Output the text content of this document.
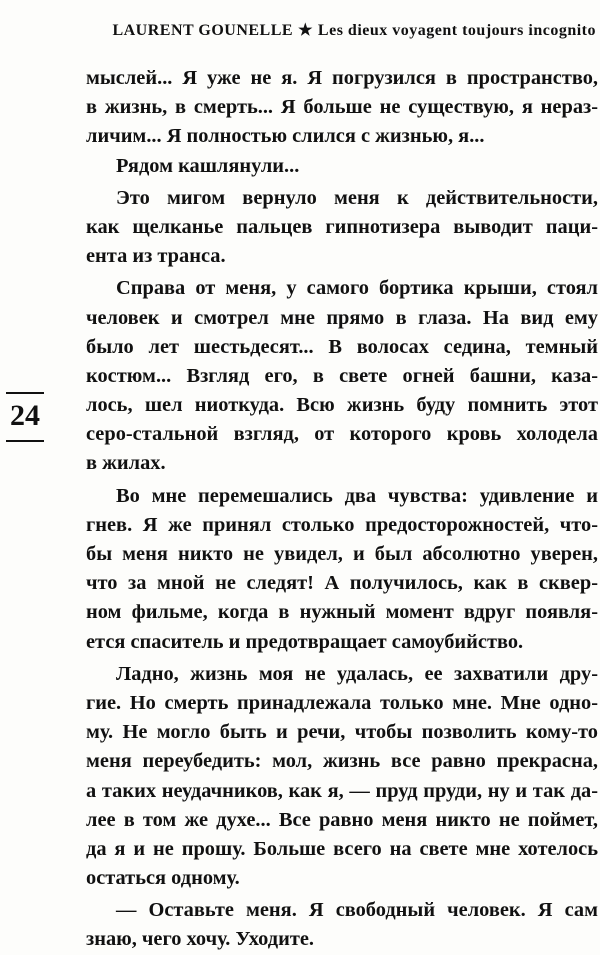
LAURENT GOUNELLE ★ Les dieux voyagent toujours incognito
24
мыслей... Я уже не я. Я погрузился в пространство,
в жизнь, в смерть... Я больше не существую, я нераз-
личим... Я полностью слился с жизнью, я...
Рядом кашлянули...
Это мигом вернуло меня к действительности,
как щелканье пальцев гипнотизера выводит паци-
ента из транса.
Справа от меня, у самого бортика крыши, стоял
человек и смотрел мне прямо в глаза. На вид ему
было лет шестьдесят... В волосах седина, темный
костюм... Взгляд его, в свете огней башни, каза-
лось, шел ниоткуда. Всю жизнь буду помнить этот
серо-стальной взгляд, от которого кровь холодела
в жилах.
Во мне перемешались два чувства: удивление и
гнев. Я же принял столько предосторожностей, что-
бы меня никто не увидел, и был абсолютно уверен,
что за мной не следят! А получилось, как в сквер-
ном фильме, когда в нужный момент вдруг появля-
ется спаситель и предотвращает самоубийство.
Ладно, жизнь моя не удалась, ее захватили дру-
гие. Но смерть принадлежала только мне. Мне одно-
му. Не могло быть и речи, чтобы позволить кому-то
меня переубедить: мол, жизнь все равно прекрасна,
а таких неудачников, как я, — пруд пруди, ну и так да-
лее в том же духе... Все равно меня никто не поймет,
да я и не прошу. Больше всего на свете мне хотелось
остаться одному.
— Оставьте меня. Я свободный человек. Я сам
знаю, чего хочу. Уходите.
